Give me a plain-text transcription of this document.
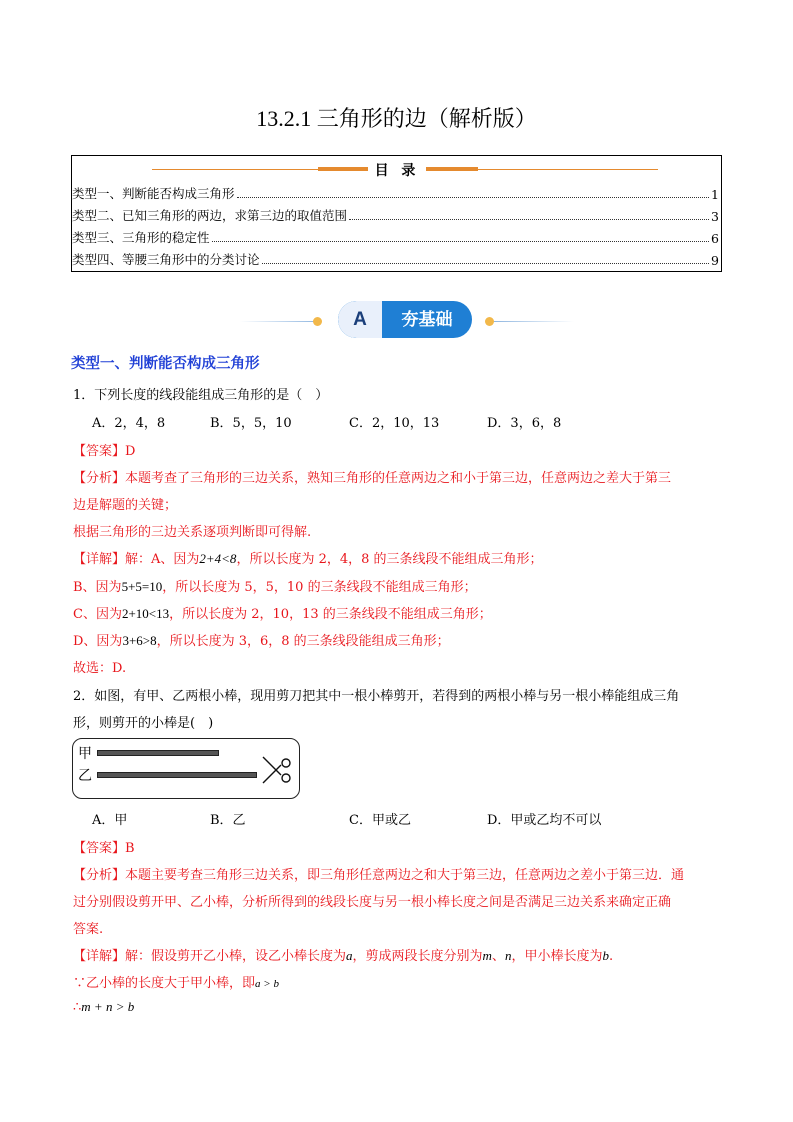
13.2.1 三角形的边（解析版）
目 录
类型一、判断能否构成三角形	1
类型二、已知三角形的两边，求第三边的取值范围	3
类型三、三角形的稳定性	6
类型四、等腰三角形中的分类讨论	9
A	夯基础
类型一、判断能否构成三角形
1．下列长度的线段能组成三角形的是（　）
A．2，4，8	B．5，5，10	C．2，10，13	D．3，6，8
【答案】D
【分析】本题考查了三角形的三边关系，熟知三角形的任意两边之和小于第三边，任意两边之差大于第三
边是解题的关键；
根据三角形的三边关系逐项判断即可得解.
【详解】解：A、因为2+4<8，所以长度为 2，4，8 的三条线段不能组成三角形；
B、因为5+5=10，所以长度为 5，5，10 的三条线段不能组成三角形；
C、因为2+10<13，所以长度为 2，10，13 的三条线段不能组成三角形；
D、因为3+6>8，所以长度为 3，6，8 的三条线段能组成三角形；
故选：D.
2．如图，有甲、乙两根小棒，现用剪刀把其中一根小棒剪开，若得到的两根小棒与另一根小棒能组成三角
形，则剪开的小棒是(　)
甲
乙
A．甲	B．乙	C．甲或乙	D．甲或乙均不可以
【答案】B
【分析】本题主要考查三角形三边关系，即三角形任意两边之和大于第三边，任意两边之差小于第三边．通
过分别假设剪开甲、乙小棒，分析所得到的线段长度与另一根小棒长度之间是否满足三边关系来确定正确
答案.
【详解】解：假设剪开乙小棒，设乙小棒长度为a，剪成两段长度分别为m、n，甲小棒长度为b.
∵乙小棒的长度大于甲小棒，即a > b
∴m + n > b
